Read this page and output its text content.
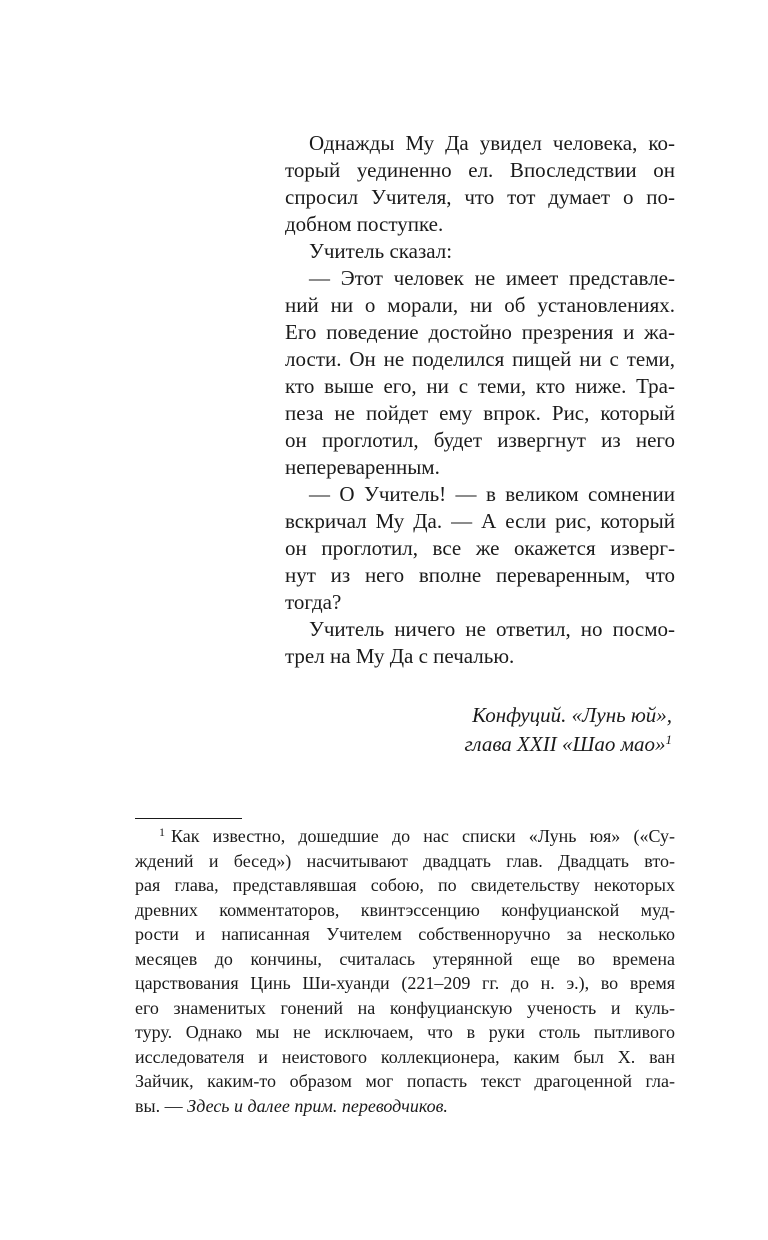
Однажды Му Да увидел человека, ко-
торый уединенно ел. Впоследствии он
спросил Учителя, что тот думает о по-
добном поступке.
Учитель сказал:
— Этот человек не имеет представле-
ний ни о морали, ни об установлениях.
Его поведение достойно презрения и жа-
лости. Он не поделился пищей ни с теми,
кто выше его, ни с теми, кто ниже. Тра-
пеза не пойдет ему впрок. Рис, который
он проглотил, будет извергнут из него
непереваренным.
— О Учитель! — в великом сомнении
вскричал Му Да. — А если рис, который
он проглотил, все же окажется изверг-
нут из него вполне переваренным, что
тогда?
Учитель ничего не ответил, но посмо-
трел на Му Да с печалью.
Конфуций. «Лунь юй»,
глава XXII «Шао мао»$^1$
$^1$ Как известно, дошедшие до нас списки «Лунь юя» («Су-
ждений и бесед») насчитывают двадцать глав. Двадцать вто-
рая глава, представлявшая собою, по свидетельству некоторых
древних комментаторов, квинтэссенцию конфуцианской муд-
рости и написанная Учителем собственноручно за несколько
месяцев до кончины, считалась утерянной еще во времена
царствования Цинь Ши-хуанди (221–209 гг. до н. э.), во время
его знаменитых гонений на конфуцианскую ученость и куль-
туру. Однако мы не исключаем, что в руки столь пытливого
исследователя и неистового коллекционера, каким был Х. ван
Зайчик, каким-то образом мог попасть текст драгоценной гла-
вы. — Здесь и далее прим. переводчиков.
